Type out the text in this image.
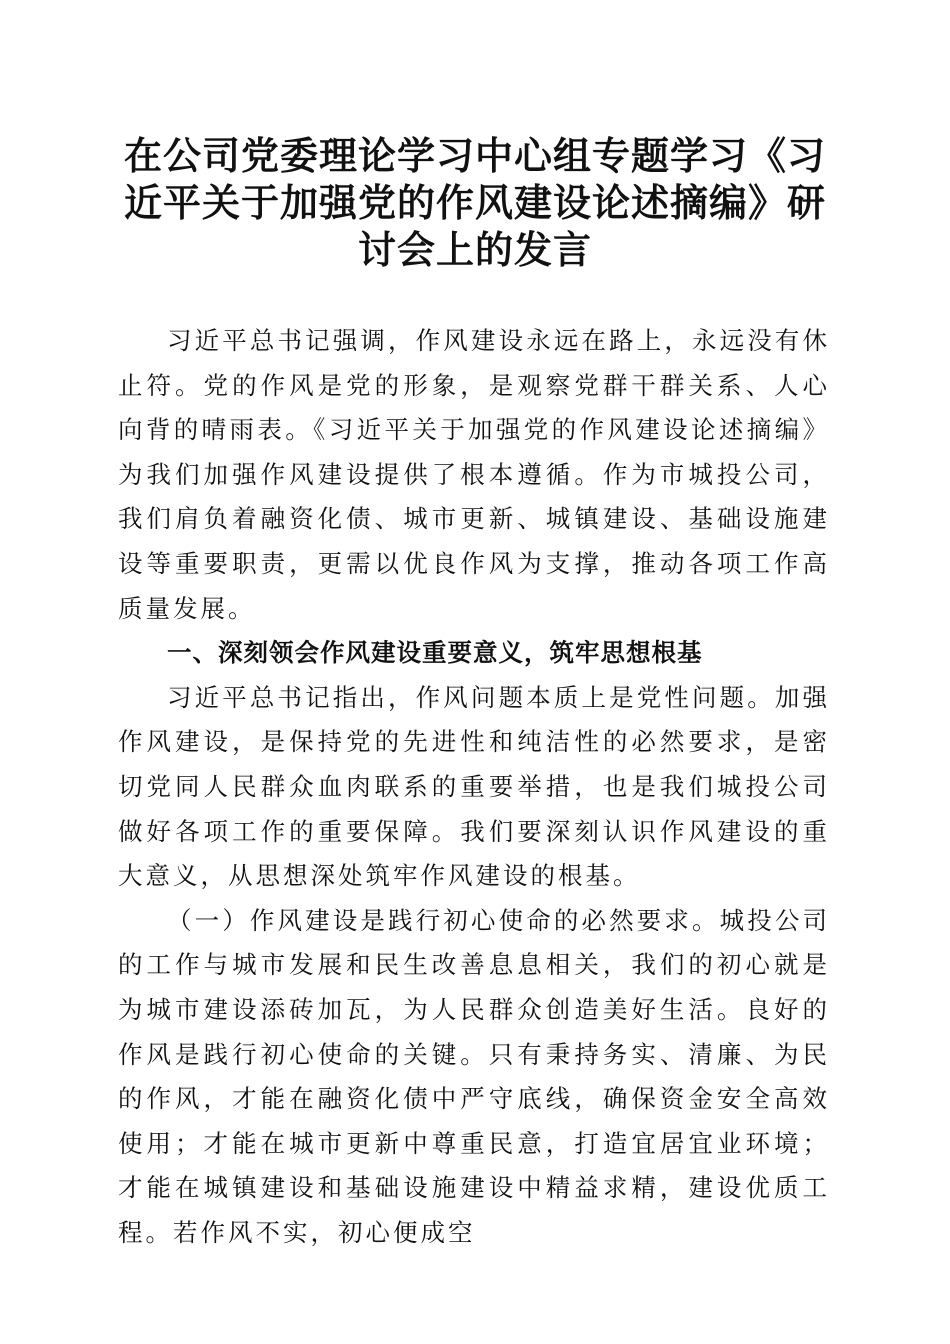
在公司党委理论学习中心组专题学习《习近平关于加强党的作风建设论述摘编》研讨会上的发言

习近平总书记强调，作风建设永远在路上，永远没有休止符。党的作风是党的形象，是观察党群干群关系、人心向背的晴雨表。《习近平关于加强党的作风建设论述摘编》为我们加强作风建设提供了根本遵循。作为市城投公司，我们肩负着融资化债、城市更新、城镇建设、基础设施建设等重要职责，更需以优良作风为支撑，推动各项工作高质量发展。

一、深刻领会作风建设重要意义，筑牢思想根基

习近平总书记指出，作风问题本质上是党性问题。加强作风建设，是保持党的先进性和纯洁性的必然要求，是密切党同人民群众血肉联系的重要举措，也是我们城投公司做好各项工作的重要保障。我们要深刻认识作风建设的重大意义，从思想深处筑牢作风建设的根基。

（一）作风建设是践行初心使命的必然要求。城投公司的工作与城市发展和民生改善息息相关，我们的初心就是为城市建设添砖加瓦，为人民群众创造美好生活。良好的作风是践行初心使命的关键。只有秉持务实、清廉、为民的作风，才能在融资化债中严守底线，确保资金安全高效使用；才能在城市更新中尊重民意，打造宜居宜业环境；才能在城镇建设和基础设施建设中精益求精，建设优质工程。若作风不实，初心便成空
